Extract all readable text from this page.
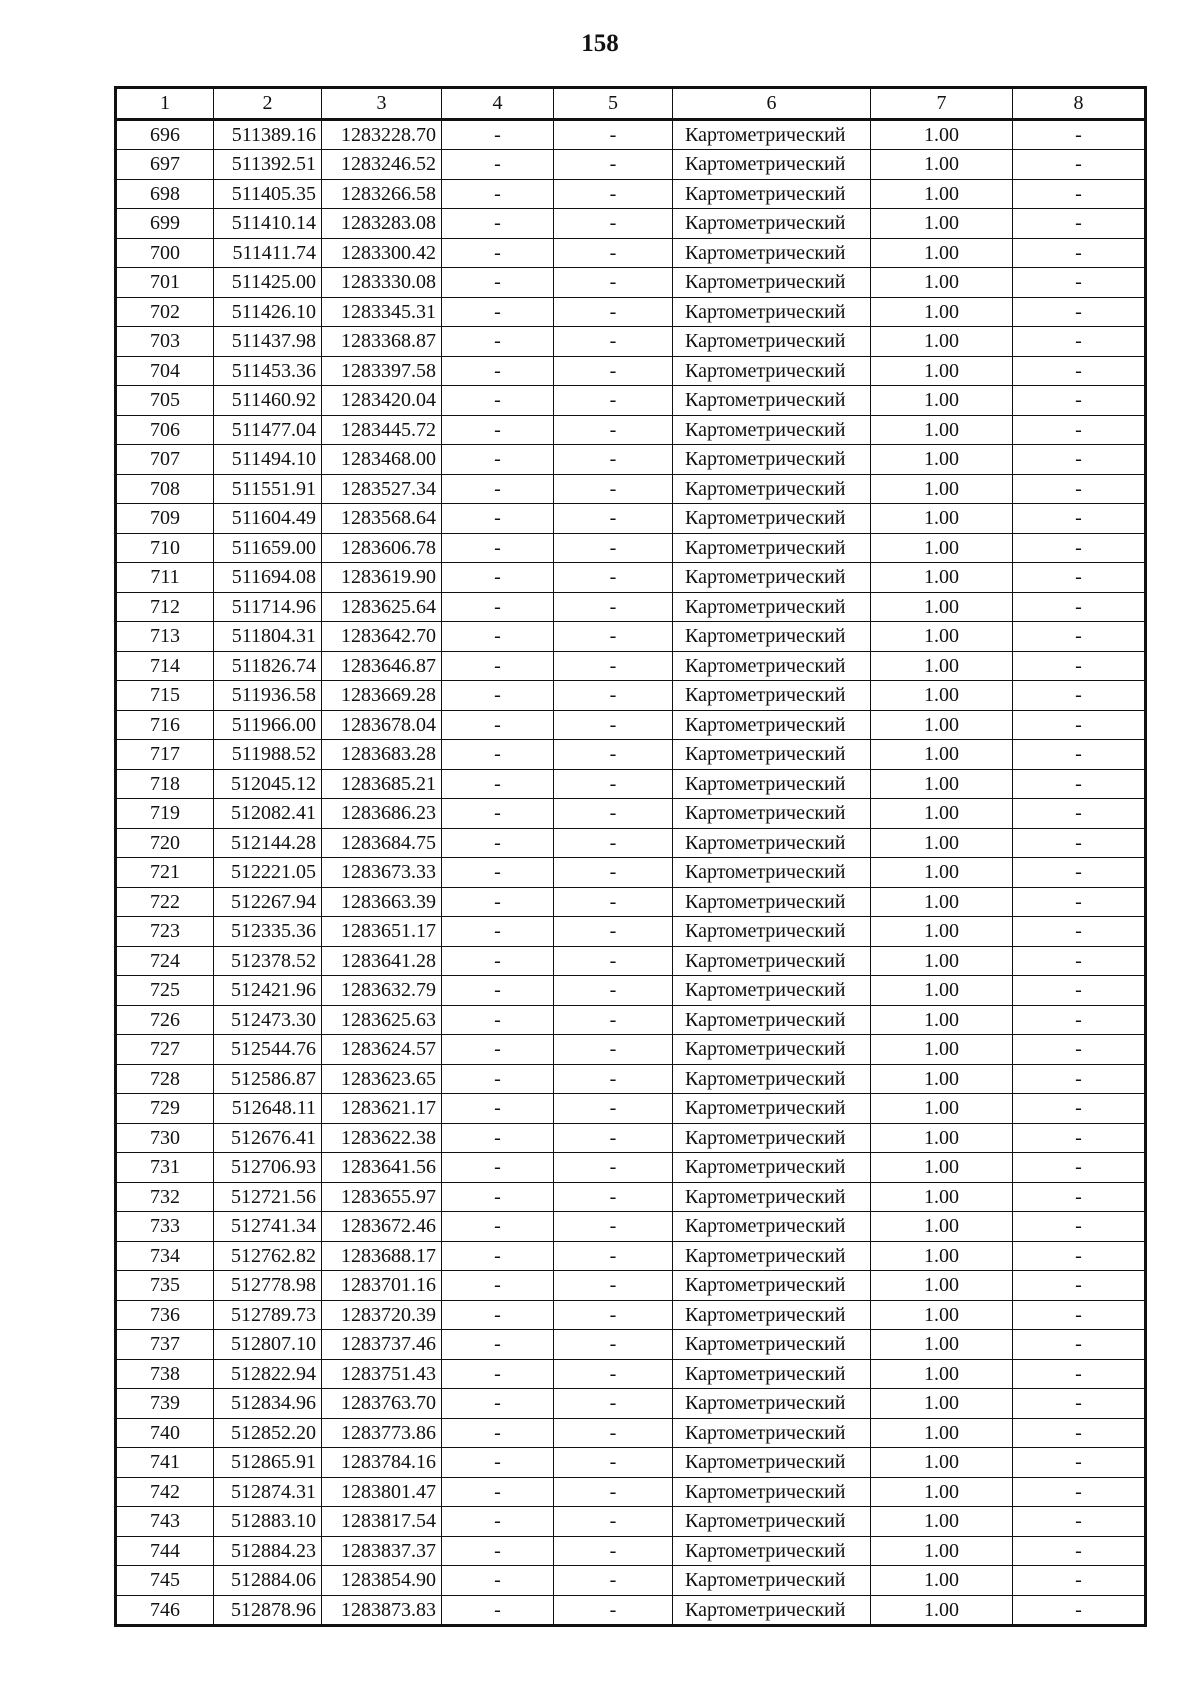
158
1	2	3	4	5	6	7	8
696	511389.16	1283228.70	-	-	Картометрический	1.00	-
697	511392.51	1283246.52	-	-	Картометрический	1.00	-
698	511405.35	1283266.58	-	-	Картометрический	1.00	-
699	511410.14	1283283.08	-	-	Картометрический	1.00	-
700	511411.74	1283300.42	-	-	Картометрический	1.00	-
701	511425.00	1283330.08	-	-	Картометрический	1.00	-
702	511426.10	1283345.31	-	-	Картометрический	1.00	-
703	511437.98	1283368.87	-	-	Картометрический	1.00	-
704	511453.36	1283397.58	-	-	Картометрический	1.00	-
705	511460.92	1283420.04	-	-	Картометрический	1.00	-
706	511477.04	1283445.72	-	-	Картометрический	1.00	-
707	511494.10	1283468.00	-	-	Картометрический	1.00	-
708	511551.91	1283527.34	-	-	Картометрический	1.00	-
709	511604.49	1283568.64	-	-	Картометрический	1.00	-
710	511659.00	1283606.78	-	-	Картометрический	1.00	-
711	511694.08	1283619.90	-	-	Картометрический	1.00	-
712	511714.96	1283625.64	-	-	Картометрический	1.00	-
713	511804.31	1283642.70	-	-	Картометрический	1.00	-
714	511826.74	1283646.87	-	-	Картометрический	1.00	-
715	511936.58	1283669.28	-	-	Картометрический	1.00	-
716	511966.00	1283678.04	-	-	Картометрический	1.00	-
717	511988.52	1283683.28	-	-	Картометрический	1.00	-
718	512045.12	1283685.21	-	-	Картометрический	1.00	-
719	512082.41	1283686.23	-	-	Картометрический	1.00	-
720	512144.28	1283684.75	-	-	Картометрический	1.00	-
721	512221.05	1283673.33	-	-	Картометрический	1.00	-
722	512267.94	1283663.39	-	-	Картометрический	1.00	-
723	512335.36	1283651.17	-	-	Картометрический	1.00	-
724	512378.52	1283641.28	-	-	Картометрический	1.00	-
725	512421.96	1283632.79	-	-	Картометрический	1.00	-
726	512473.30	1283625.63	-	-	Картометрический	1.00	-
727	512544.76	1283624.57	-	-	Картометрический	1.00	-
728	512586.87	1283623.65	-	-	Картометрический	1.00	-
729	512648.11	1283621.17	-	-	Картометрический	1.00	-
730	512676.41	1283622.38	-	-	Картометрический	1.00	-
731	512706.93	1283641.56	-	-	Картометрический	1.00	-
732	512721.56	1283655.97	-	-	Картометрический	1.00	-
733	512741.34	1283672.46	-	-	Картометрический	1.00	-
734	512762.82	1283688.17	-	-	Картометрический	1.00	-
735	512778.98	1283701.16	-	-	Картометрический	1.00	-
736	512789.73	1283720.39	-	-	Картометрический	1.00	-
737	512807.10	1283737.46	-	-	Картометрический	1.00	-
738	512822.94	1283751.43	-	-	Картометрический	1.00	-
739	512834.96	1283763.70	-	-	Картометрический	1.00	-
740	512852.20	1283773.86	-	-	Картометрический	1.00	-
741	512865.91	1283784.16	-	-	Картометрический	1.00	-
742	512874.31	1283801.47	-	-	Картометрический	1.00	-
743	512883.10	1283817.54	-	-	Картометрический	1.00	-
744	512884.23	1283837.37	-	-	Картометрический	1.00	-
745	512884.06	1283854.90	-	-	Картометрический	1.00	-
746	512878.96	1283873.83	-	-	Картометрический	1.00	-
